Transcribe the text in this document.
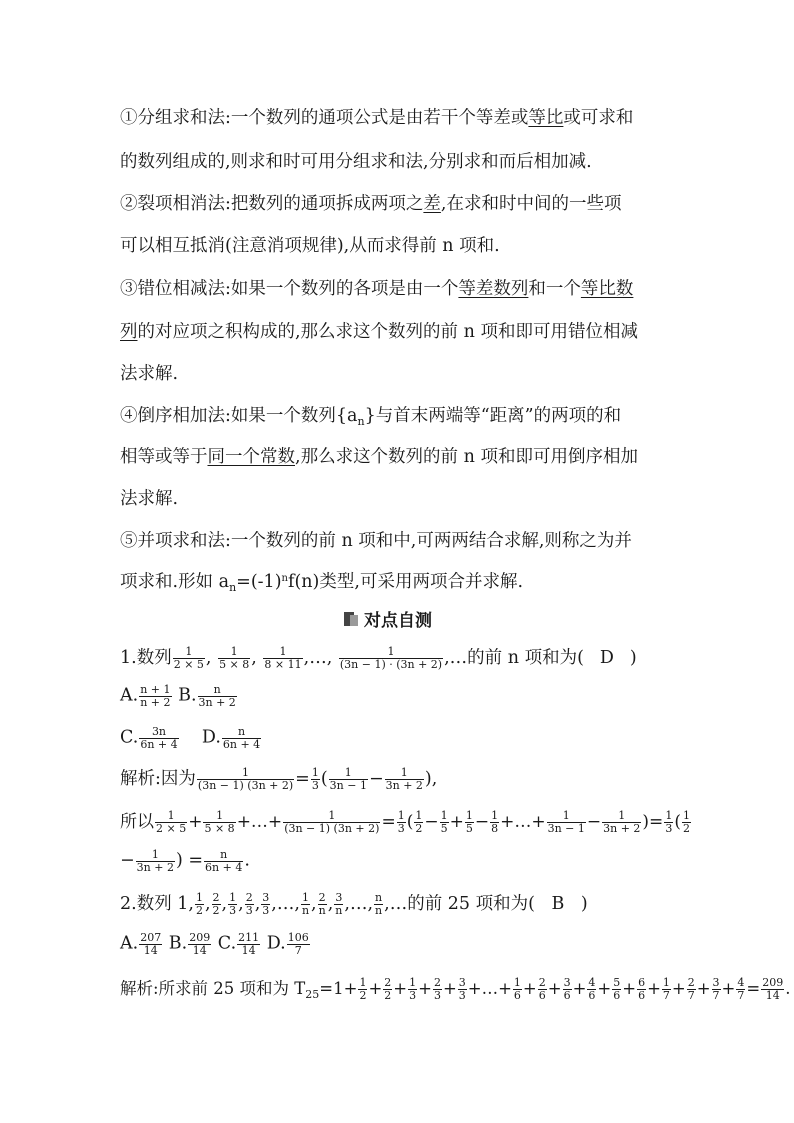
①分组求和法:一个数列的通项公式是由若干个等差或等比或可求和
的数列组成的,则求和时可用分组求和法,分别求和而后相加减.
②裂项相消法:把数列的通项拆成两项之差,在求和时中间的一些项
可以相互抵消(注意消项规律),从而求得前 n 项和.
③错位相减法:如果一个数列的各项是由一个等差数列和一个等比数
列的对应项之积构成的,那么求这个数列的前 n 项和即可用错位相减
法求解.
④倒序相加法:如果一个数列$\{a_n\}$与首末两端等“距离”的两项的和
相等或等于同一个常数,那么求这个数列的前 n 项和即可用倒序相加
法求解.
⑤并项求和法:一个数列的前 n 项和中,可两两结合求解,则称之为并
项求和.形如 $a_n=(-1)^nf(n)$类型,可采用两项合并求解.
对点自测
1.数列 $\frac{1}{2 \times 5}$ , $\frac{1}{5 \times 8}$ , $\frac{1}{8 \times 11}$ ,…, $\frac{1}{(3n - 1) \cdot (3n + 2)}$ ,…的前 n 项和为( D )
A. $\frac{n + 1}{n + 2} B$. $\frac{n}{3n + 2}$
C. $\frac{3n}{6n + 4} D$. $\frac{n}{6n + 4}$
解析:因为 $\frac{1}{(3n - 1) (3n + 2)} = \frac{1}{3}$ ( $\frac{1}{3n - 1} - \frac{1}{3n + 2}$ ),
所以 $\frac{1}{2 \times 5} + \frac{1}{5 \times 8}$ +…+ $\frac{1}{(3n - 1) (3n + 2)} = \frac{1}{3}$ ( $\frac{1}{2} - \frac{1}{5} + \frac{1}{5} - \frac{1}{8}$ +…+ $\frac{1}{3n - 1} - \frac{1}{3n + 2}$ )= $\frac{1}{3}$ ( $\frac{1}{2}$
− $\frac{1}{3n + 2}$ ) = $\frac{n}{6n + 4}$ .
2.数列 1, $\frac{1}{2}$ , $\frac{2}{2}$ , $\frac{1}{3}$ , $\frac{2}{3}$ , $\frac{3}{3}$ ,…, $\frac{1}{n}$ , $\frac{2}{n}$ , $\frac{3}{n}$ ,…, $\frac{n}{n}$ ,…的前 25 项和为( B )
A. $\frac{207}{14} B$. $\frac{209}{14} C$. $\frac{211}{14} D$. $\frac{106}{7}$
解析:所求前 25 项和为 $T_{25}=1+ \frac{1}{2} + \frac{2}{2} + \frac{1}{3} + \frac{2}{3} + \frac{3}{3}$ +…+ $\frac{1}{6} + \frac{2}{6} + \frac{3}{6} + \frac{4}{6} + \frac{5}{6} + \frac{6}{6} + \frac{1}{7} + \frac{2}{7} + \frac{3}{7} + \frac{4}{7} = \frac{209}{14}$ .
